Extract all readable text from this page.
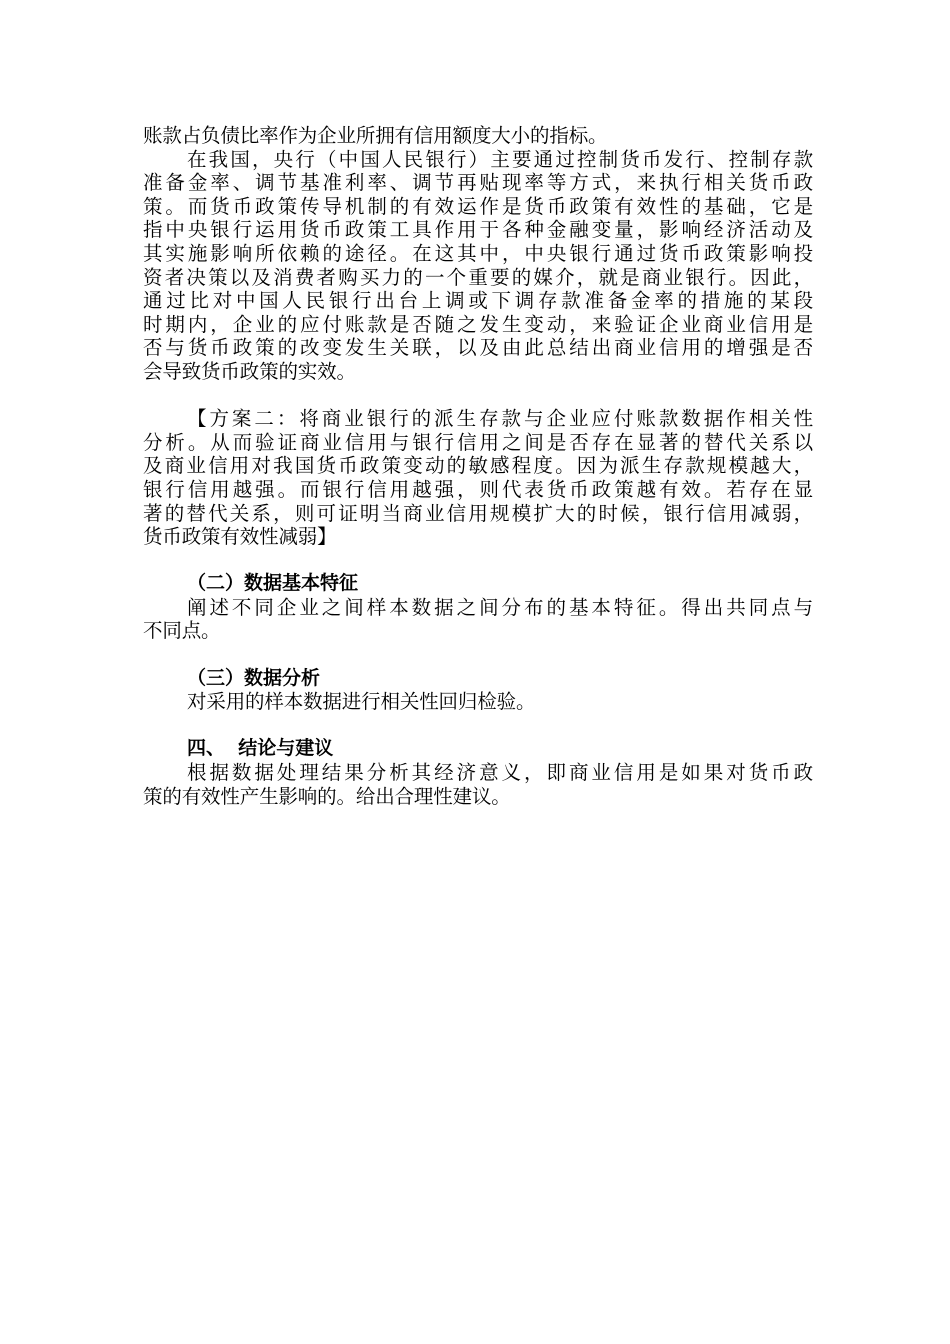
账款占负债比率作为企业所拥有信用额度大小的指标。
在我国，央行（中国人民银行）主要通过控制货币发行、控制存款
准备金率、调节基准利率、调节再贴现率等方式，来执行相关货币政
策。而货币政策传导机制的有效运作是货币政策有效性的基础，它是
指中央银行运用货币政策工具作用于各种金融变量，影响经济活动及
其实施影响所依赖的途径。在这其中，中央银行通过货币政策影响投
资者决策以及消费者购买力的一个重要的媒介，就是商业银行。因此，
通过比对中国人民银行出台上调或下调存款准备金率的措施的某段
时期内，企业的应付账款是否随之发生变动，来验证企业商业信用是
否与货币政策的改变发生关联，以及由此总结出商业信用的增强是否
会导致货币政策的实效。
【方案二：将商业银行的派生存款与企业应付账款数据作相关性
分析。从而验证商业信用与银行信用之间是否存在显著的替代关系以
及商业信用对我国货币政策变动的敏感程度。因为派生存款规模越大，
银行信用越强。而银行信用越强，则代表货币政策越有效。若存在显
著的替代关系，则可证明当商业信用规模扩大的时候，银行信用减弱，
货币政策有效性减弱】
（二）数据基本特征
阐述不同企业之间样本数据之间分布的基本特征。得出共同点与
不同点。
（三）数据分析
对采用的样本数据进行相关性回归检验。
四、  结论与建议
根据数据处理结果分析其经济意义，即商业信用是如果对货币政
策的有效性产生影响的。给出合理性建议。
